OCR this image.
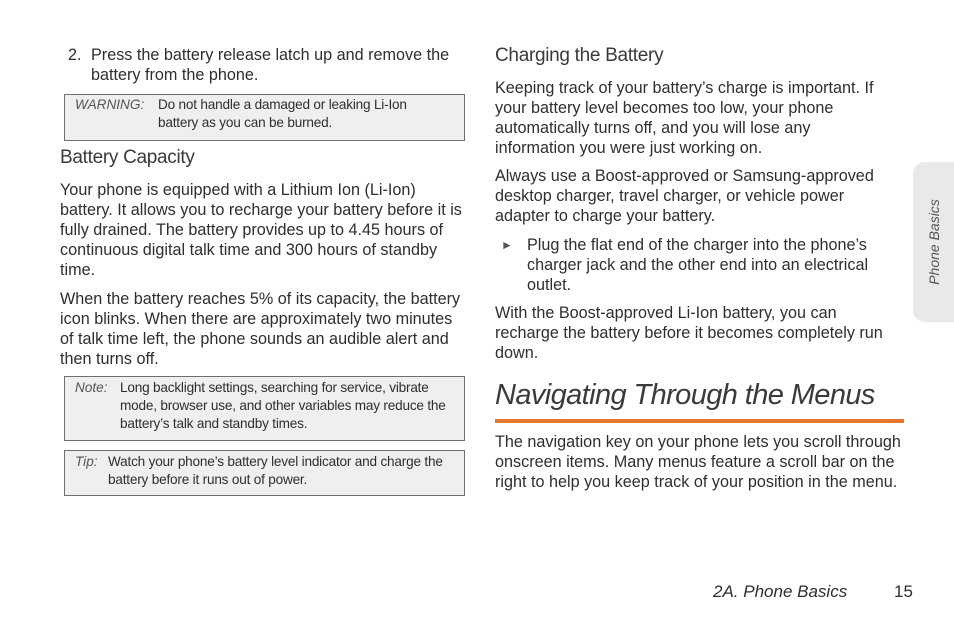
2. Press the battery release latch up and remove the battery from the phone.
WARNING: Do not handle a damaged or leaking Li-Ion battery as you can be burned.
Battery Capacity
Your phone is equipped with a Lithium Ion (Li-Ion) battery. It allows you to recharge your battery before it is fully drained. The battery provides up to 4.45 hours of continuous digital talk time and 300 hours of standby time.
When the battery reaches 5% of its capacity, the battery icon blinks. When there are approximately two minutes of talk time left, the phone sounds an audible alert and then turns off.
Note: Long backlight settings, searching for service, vibrate mode, browser use, and other variables may reduce the battery’s talk and standby times.
Tip: Watch your phone’s battery level indicator and charge the battery before it runs out of power.
Charging the Battery
Keeping track of your battery’s charge is important. If your battery level becomes too low, your phone automatically turns off, and you will lose any information you were just working on.
Always use a Boost-approved or Samsung-approved desktop charger, travel charger, or vehicle power adapter to charge your battery.
► Plug the flat end of the charger into the phone’s charger jack and the other end into an electrical outlet.
With the Boost-approved Li-Ion battery, you can recharge the battery before it becomes completely run down.
Navigating Through the Menus
The navigation key on your phone lets you scroll through onscreen items. Many menus feature a scroll bar on the right to help you keep track of your position in the menu.
Phone Basics
2A. Phone Basics	15
